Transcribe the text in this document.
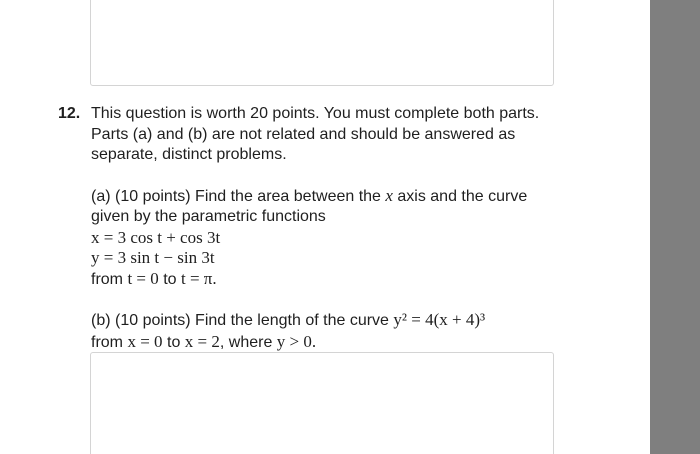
12. This question is worth 20 points. You must complete both parts. Parts (a) and (b) are not related and should be answered as separate, distinct problems.

(a) (10 points) Find the area between the x axis and the curve given by the parametric functions

x = 3 cos t + cos 3t
y = 3 sin t − sin 3t
from t = 0 to t = π.

(b) (10 points) Find the length of the curve y² = 4(x + 4)³

from x = 0 to x = 2, where y > 0.
